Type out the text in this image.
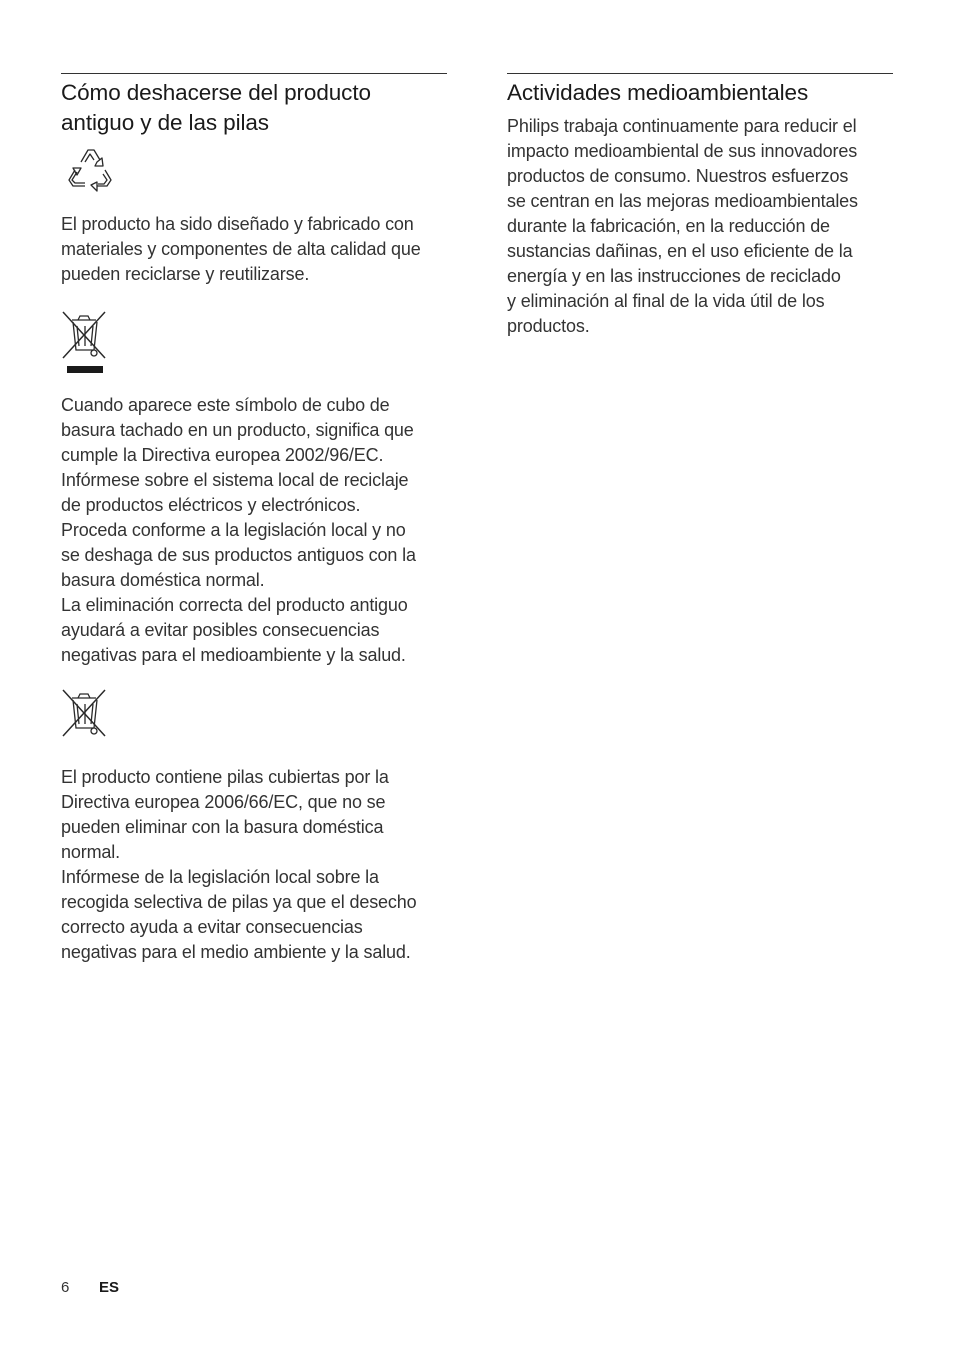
Cómo deshacerse del producto
antiguo y de las pilas

El producto ha sido diseñado y fabricado con
materiales y componentes de alta calidad que
pueden reciclarse y reutilizarse.

Cuando aparece este símbolo de cubo de
basura tachado en un producto, significa que
cumple la Directiva europea 2002/96/EC.
Infórmese sobre el sistema local de reciclaje
de productos eléctricos y electrónicos.
Proceda conforme a la legislación local y no
se deshaga de sus productos antiguos con la
basura doméstica normal.
La eliminación correcta del producto antiguo
ayudará a evitar posibles consecuencias
negativas para el medioambiente y la salud.

El producto contiene pilas cubiertas por la
Directiva europea 2006/66/EC, que no se
pueden eliminar con la basura doméstica
normal.
Infórmese de la legislación local sobre la
recogida selectiva de pilas ya que el desecho
correcto ayuda a evitar consecuencias
negativas para el medio ambiente y la salud.

Actividades medioambientales

Philips trabaja continuamente para reducir el
impacto medioambiental de sus innovadores
productos de consumo. Nuestros esfuerzos
se centran en las mejoras medioambientales
durante la fabricación, en la reducción de
sustancias dañinas, en el uso eficiente de la
energía y en las instrucciones de reciclado
y eliminación al final de la vida útil de los
productos.

6 ES
